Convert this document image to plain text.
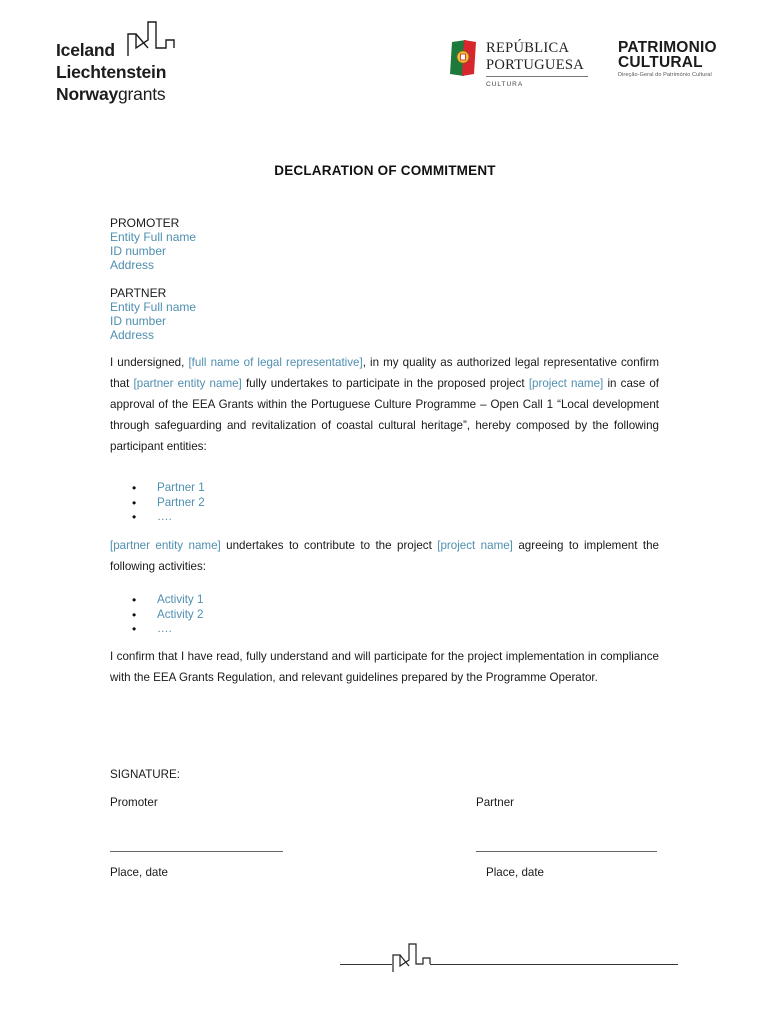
Iceland
Liechtenstein
Norwaygrants
REPÚBLICA
PORTUGUESA
CULTURA
PATRIMONIO
CULTURAL
Direção-Geral do Património Cultural
DECLARATION OF COMMITMENT
PROMOTER
Entity Full name
ID number
Address
PARTNER
Entity Full name
ID number
Address
I undersigned, [full name of legal representative], in my quality as authorized legal representative confirm that [partner entity name] fully undertakes to participate in the proposed project [project name] in case of approval of the EEA Grants within the Portuguese Culture Programme – Open Call 1 “Local development through safeguarding and revitalization of coastal cultural heritage”, hereby composed by the following participant entities:
• Partner 1
• Partner 2
• ….
[partner entity name] undertakes to contribute to the project [project name] agreeing to implement the following activities:
• Activity 1
• Activity 2
• ….
I confirm that I have read, fully understand and will participate for the project implementation in compliance with the EEA Grants Regulation, and relevant guidelines prepared by the Programme Operator.
SIGNATURE:
Promoter	Partner
Place, date	Place, date
